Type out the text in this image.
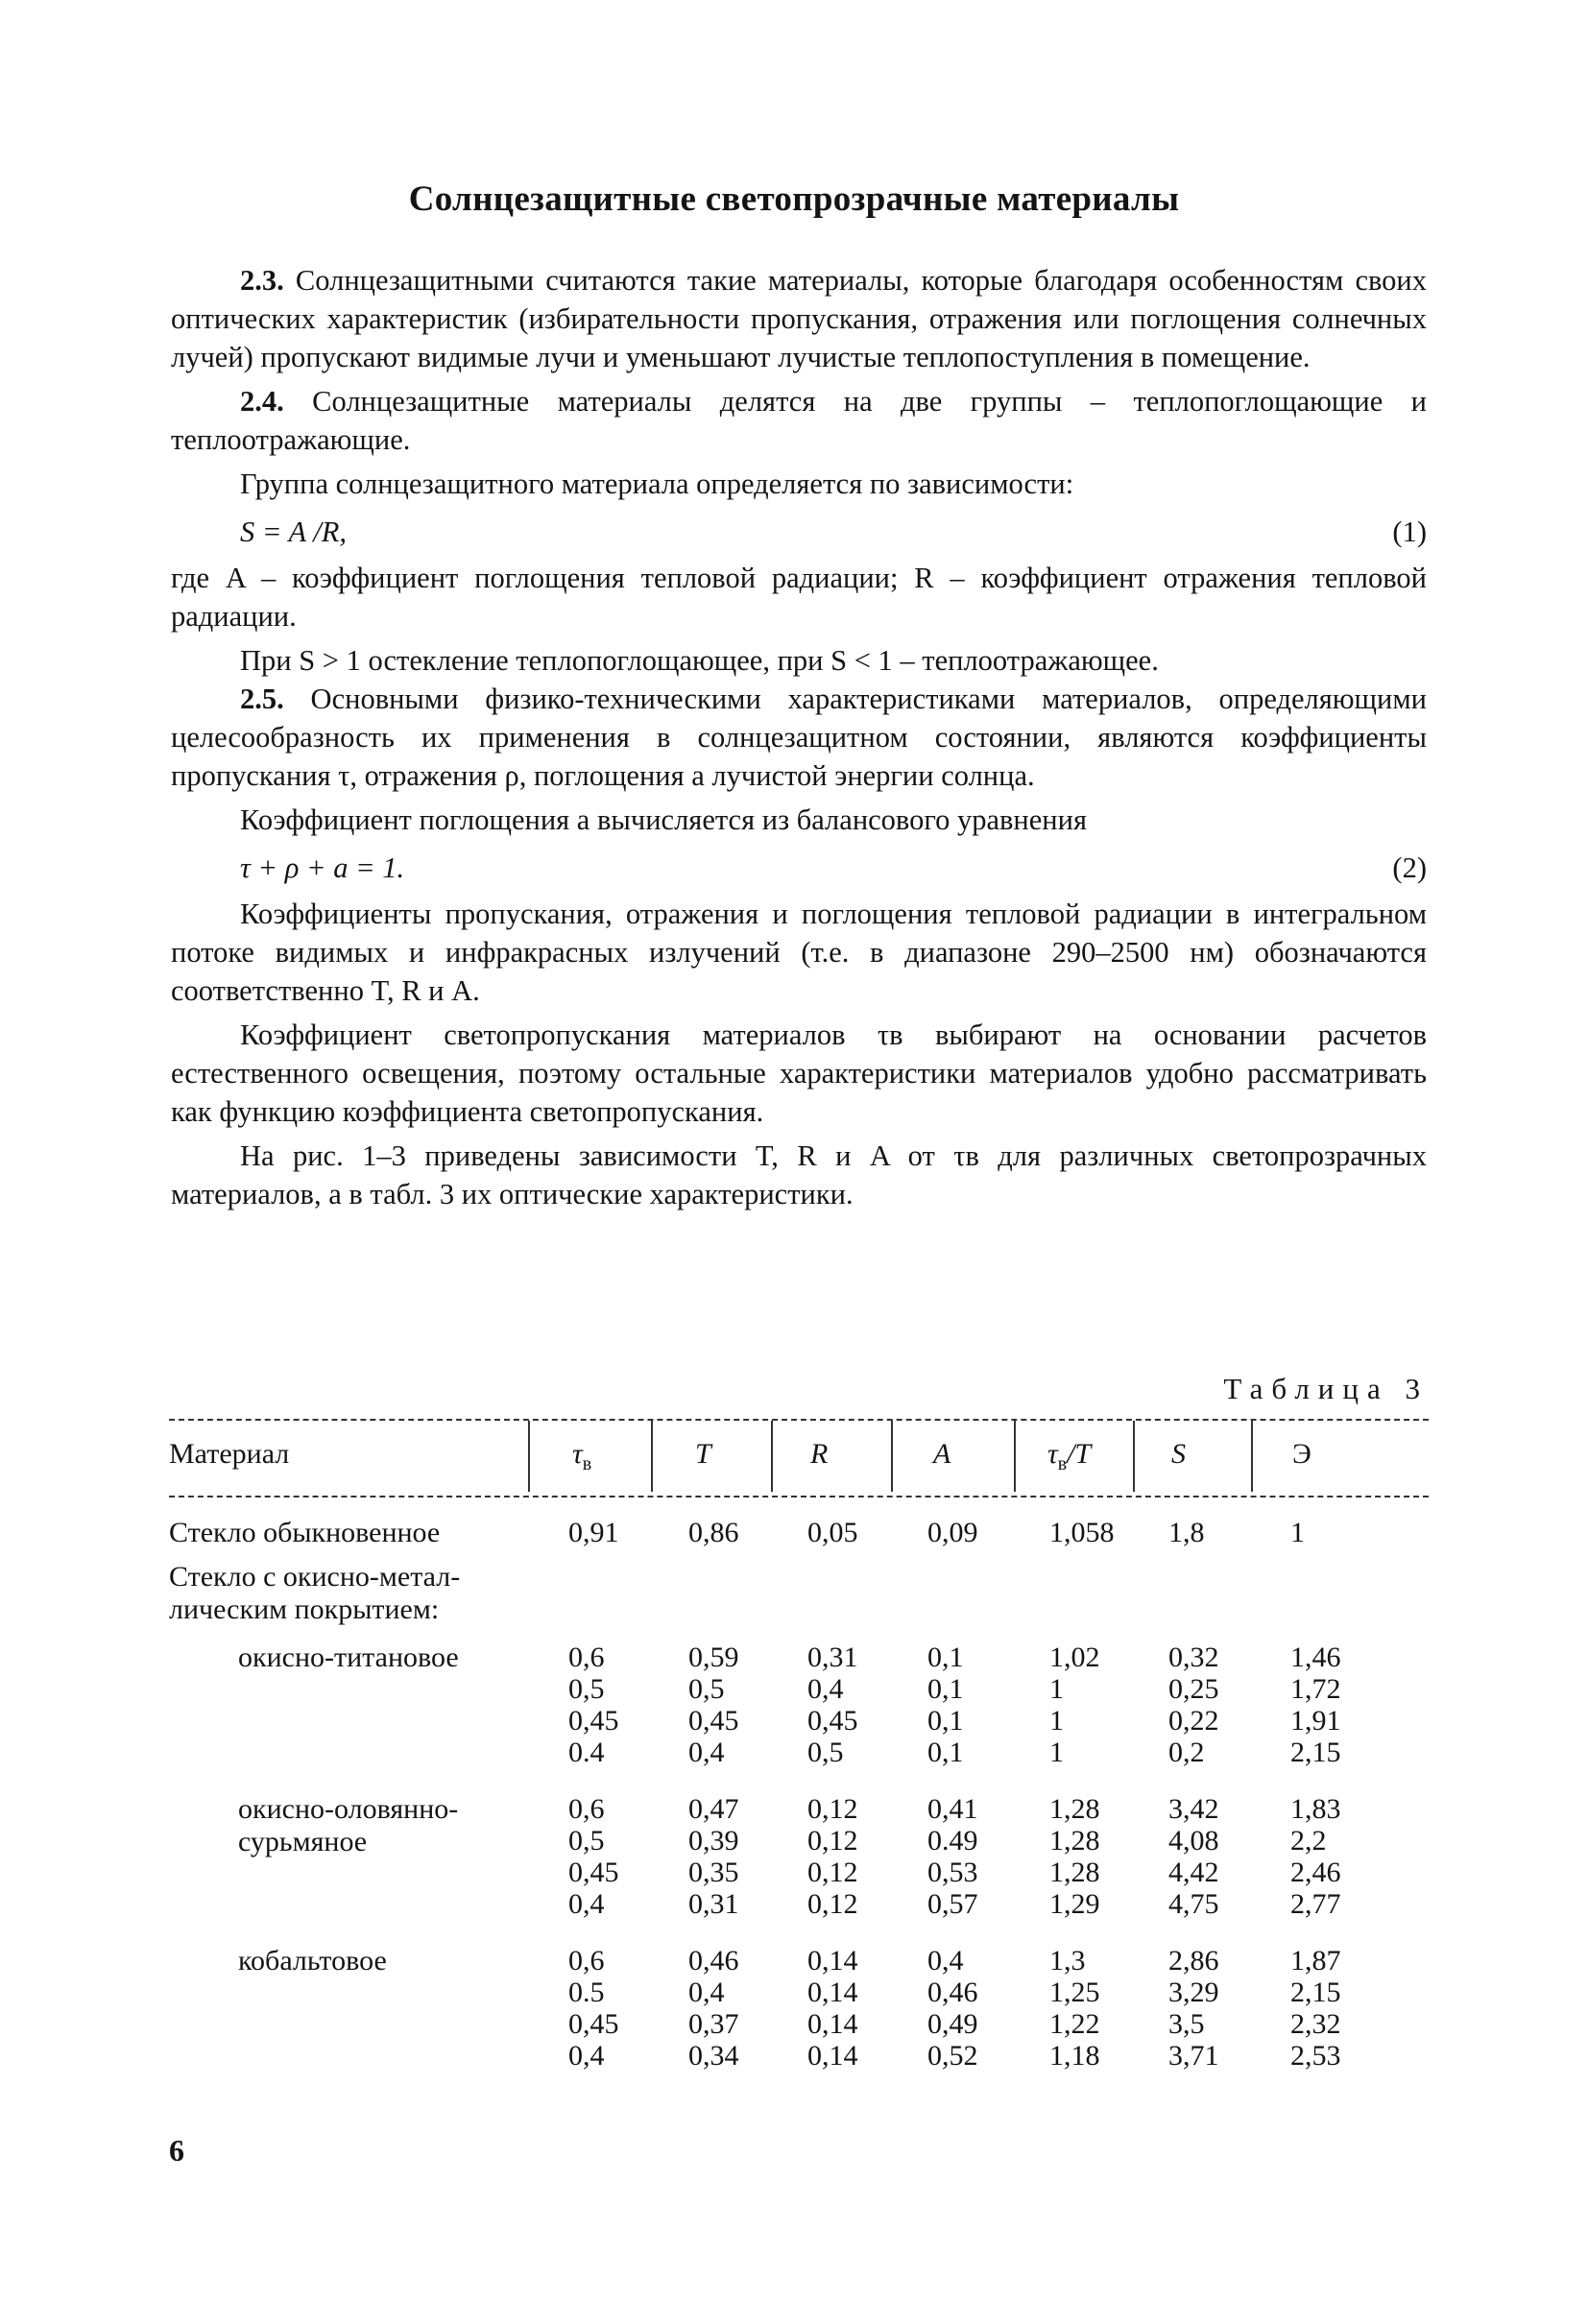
Солнцезащитные светопрозрачные материалы

2.3. Солнцезащитными считаются такие материалы, которые благодаря особенностям своих оптических характеристик (избирательности пропускания, отражения или поглощения солнечных лучей) пропускают видимые лучи и уменьшают лучистые теплопоступления в помещение.

2.4. Солнцезащитные материалы делятся на две группы – теплопоглощающие и теплоотражающие.

Группа солнцезащитного материала определяется по зависимости:

S = A /R,	(1)

где A – коэффициент поглощения тепловой радиации; R – коэффициент отражения тепловой радиации.

При S > 1 остекление теплопоглощающее, при S < 1 – теплоотражающее.

2.5. Основными физико-техническими характеристиками материалов, определяющими целесообразность их применения в солнцезащитном состоянии, являются коэффициенты пропускания τ, отражения ρ, поглощения a лучистой энергии солнца.

Коэффициент поглощения a вычисляется из балансового уравнения

τ + ρ + a = 1.	(2)

Коэффициенты пропускания, отражения и поглощения тепловой радиации в интегральном потоке видимых и инфракрасных излучений (т.е. в диапазоне 290–2500 нм) обозначаются соответственно T, R и A.

Коэффициент светопропускания материалов τв выбирают на основании расчетов естественного освещения, поэтому остальные характеристики материалов удобно рассматривать как функцию коэффициента светопропускания.

На рис. 1–3 приведены зависимости T, R и A от τв для различных светопрозрачных материалов, а в табл. 3 их оптические характеристики.

Таблица 3
Материал	$\tau_в$	T	R	A	$\tau_в/T$	S	Э
Стекло обыкновенное	0,91 0,86 0,05 0,09 1,058 1,8	1
Стекло с окисно-метал-
лическим покрытием:
окисно-титановое	0,6	0,59 0,31 0,1	1,02 0,32 1,46
0,5	0,5	0,4	0,1	1	0,25 1,72
0,45 0,45 0,45 0,1	1	0,22 1,91
0.4	0,4	0,5	0,1	1	0,2	2,15
окисно-оловянно-
сурьмяное
0,6	0,47 0,12 0,41 1,28 3,42 1,83
0,5	0,39 0,12 0.49 1,28 4,08 2,2
0,45 0,35 0,12 0,53 1,28 4,42 2,46
0,4	0,31 0,12 0,57 1,29 4,75 2,77
кобальтовое	0,6	0,46 0,14 0,4	1,3	2,86 1,87
0.5	0,4	0,14 0,46 1,25 3,29 2,15
0,45 0,37 0,14 0,49 1,22 3,5	2,32
0,4	0,34 0,14 0,52 1,18 3,71 2,53
6
